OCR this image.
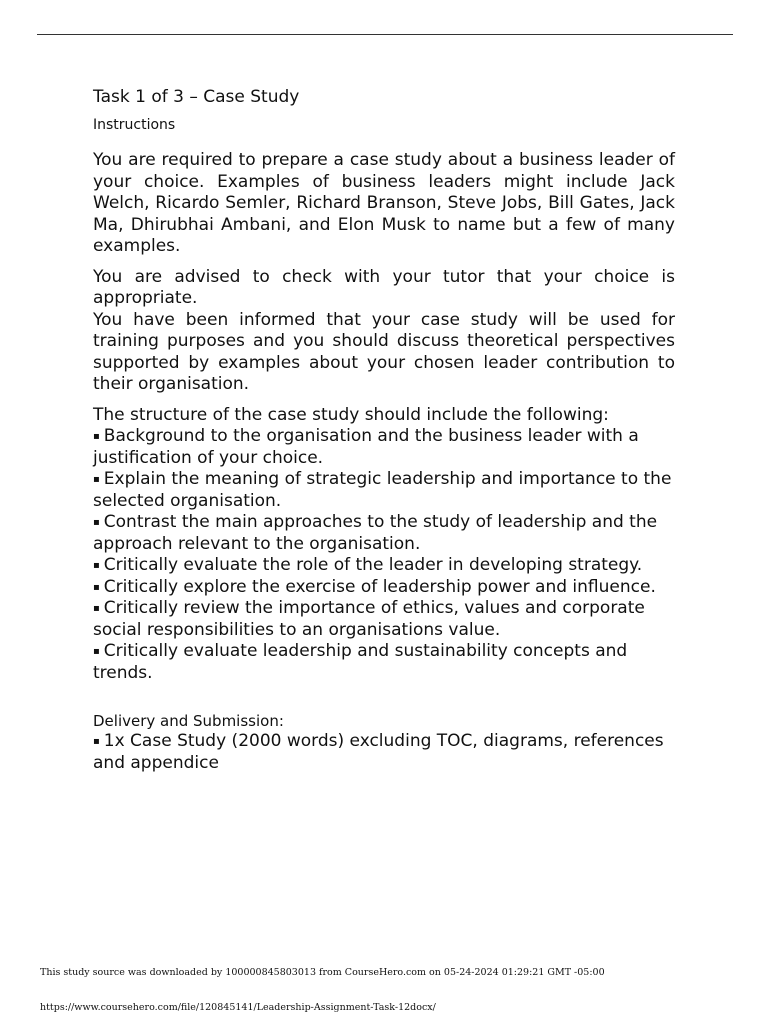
Task 1 of 3 – Case Study
Instructions

You are required to prepare a case study about a business leader of your choice. Examples of business leaders might include Jack Welch, Ricardo Semler, Richard Branson, Steve Jobs, Bill Gates, Jack Ma, Dhirubhai Ambani, and Elon Musk to name but a few of many examples.

You are advised to check with your tutor that your choice is appropriate.

You have been informed that your case study will be used for training purposes and you should discuss theoretical perspectives supported by examples about your chosen leader contribution to their organisation.

The structure of the case study should include the following:

▪ Background to the organisation and the business leader with a justification of your choice.
▪ Explain the meaning of strategic leadership and importance to the selected organisation.
▪ Contrast the main approaches to the study of leadership and the approach relevant to the organisation.
▪ Critically evaluate the role of the leader in developing strategy.
▪ Critically explore the exercise of leadership power and influence.
▪ Critically review the importance of ethics, values and corporate social responsibilities to an organisations value.
▪ Critically evaluate leadership and sustainability concepts and trends.
Delivery and Submission:
▪ 1x Case Study (2000 words) excluding TOC, diagrams, references and appendice
This study source was downloaded by 100000845803013 from CourseHero.com on 05-24-2024 01:29:21 GMT -05:00
https://www.coursehero.com/file/120845141/Leadership-Assignment-Task-12docx/
